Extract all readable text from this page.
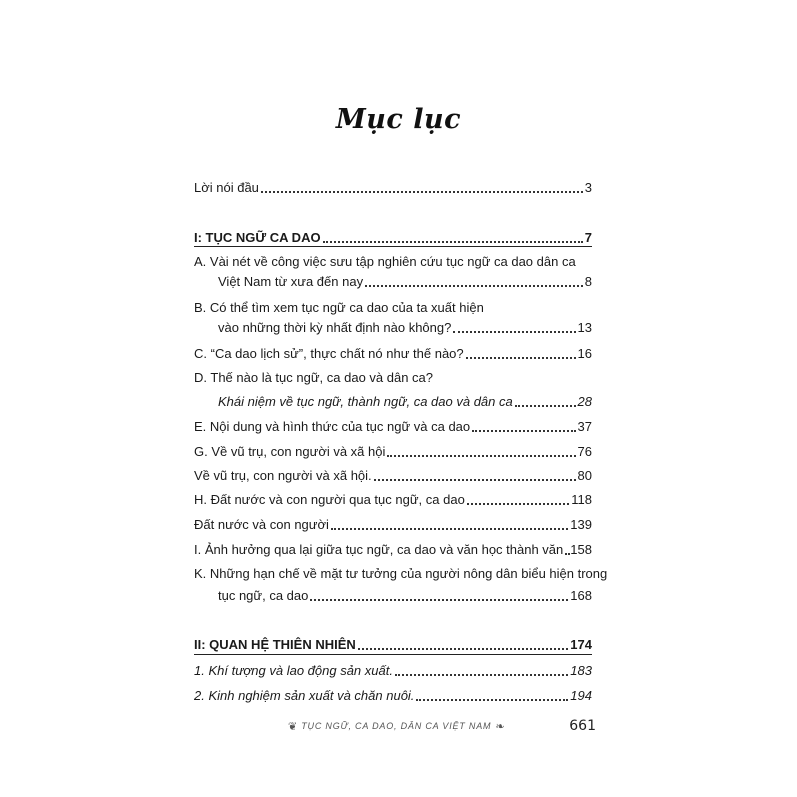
Mục lục
Lời nói đầu	3
I: TỤC NGỮ CA DAO	7
A. Vài nét về công việc sưu tập nghiên cứu tục ngữ ca dao dân ca
Việt Nam từ xưa đến nay	8
B. Có thể tìm xem tục ngữ ca dao của ta xuất hiện
vào những thời kỳ nhất định nào không?	13
C. “Ca dao lịch sử”, thực chất nó như thế nào?	16
D. Thế nào là tục ngữ, ca dao và dân ca?
Khái niệm về tục ngữ, thành ngữ, ca dao và dân ca	28
E. Nội dung và hình thức của tục ngữ và ca dao	37
G. Về vũ trụ, con người và xã hội	76
Về vũ trụ, con người và xã hội.	80
H. Đất nước và con người qua tục ngữ, ca dao	118
Đất nước và con người	139
I. Ảnh hưởng qua lại giữa tục ngữ, ca dao và văn học thành văn 158
K. Những hạn chế về mặt tư tưởng của người nông dân biểu hiện trong
tục ngữ, ca dao	168
II: QUAN HỆ THIÊN NHIÊN	174
1. Khí tượng và lao động sản xuất.	183
2. Kinh nghiệm sản xuất và chăn nuôi.	194
❦ TỤC NGỮ, CA DAO, DÂN CA VIỆT NAM ❧	661
